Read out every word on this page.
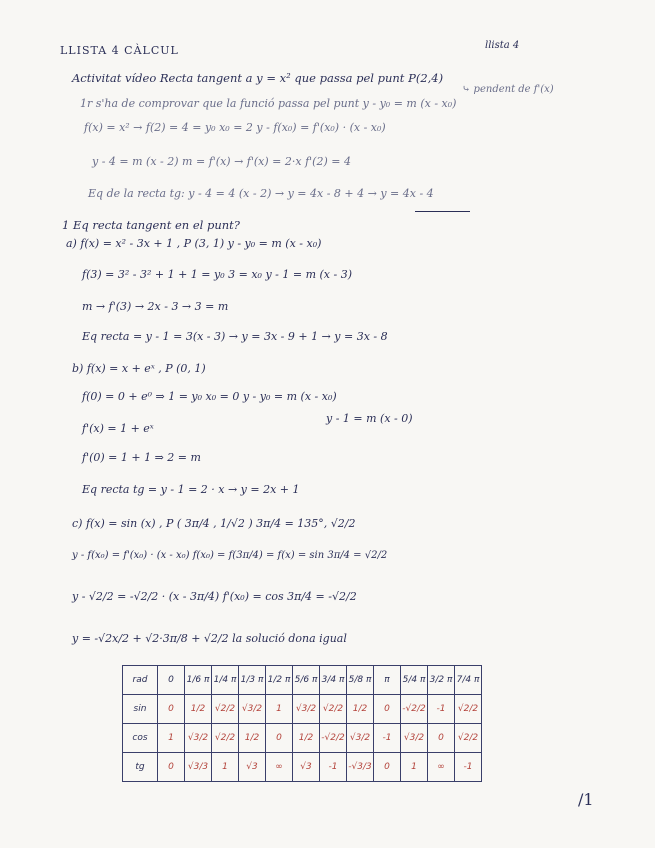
LLISTA 4 CÀLCUL	llista 4
Activitat vídeo Recta tangent a y = x² que passa pel punt P(2,4)
⤷ pendent de f'(x)
1r s'ha de comprovar que la funció passa pel punt y - y₀ = m (x - x₀)
f(x) = x² → f(2) = 4 = y₀ x₀ = 2 y - f(x₀) = f'(x₀) · (x - x₀)
y - 4 = m (x - 2) m = f'(x) → f'(x) = 2·x f'(2) = 4
Eq de la recta tg: y - 4 = 4 (x - 2) → y = 4x - 8 + 4 → y = 4x - 4
1 Eq recta tangent en el punt?
a) f(x) = x² - 3x + 1 , P (3, 1) y - y₀ = m (x - x₀)
f(3) = 3² - 3² + 1 + 1 = y₀ 3 = x₀ y - 1 = m (x - 3)
m → f'(3) → 2x - 3 → 3 = m
Eq recta = y - 1 = 3(x - 3) → y = 3x - 9 + 1 → y = 3x - 8
b) f(x) = x + eˣ , P (0, 1)
f(0) = 0 + e⁰ ⇒ 1 = y₀ x₀ = 0 y - y₀ = m (x - x₀)
y - 1 = m (x - 0)
f'(x) = 1 + eˣ
f'(0) = 1 + 1 ⇒ 2 = m
Eq recta tg = y - 1 = 2 · x → y = 2x + 1
c) f(x) = sin (x) , P ( 3π/4 , 1/√2 ) 3π/4 = 135°, √2/2
y - f(x₀) = f'(x₀) · (x - x₀) f(x₀) = f(3π/4) = f(x) = sin 3π/4 = √2/2
y - √2/2 = -√2/2 · (x - 3π/4) f'(x₀) = cos 3π/4 = -√2/2
y = -√2x/2 + √2·3π/8 + √2/2 la solució dona igual
rad	0	1/6 π	1/4 π	1/3 π	1/2 π	5/6 π	3/4 π	5/8 π	π	5/4 π	3/2 π	7/4 π
sin	0	1/2	√2/2	√3/2	1	√3/2	√2/2	1/2	0	-√2/2	-1	√2/2
cos	1	√3/2	√2/2	1/2	0	1/2	-√2/2	√3/2	-1	√3/2	0	√2/2
tg	0	√3/3	1	√3	∞	√3	-1	-√3/3	0	1	∞	-1
/1
